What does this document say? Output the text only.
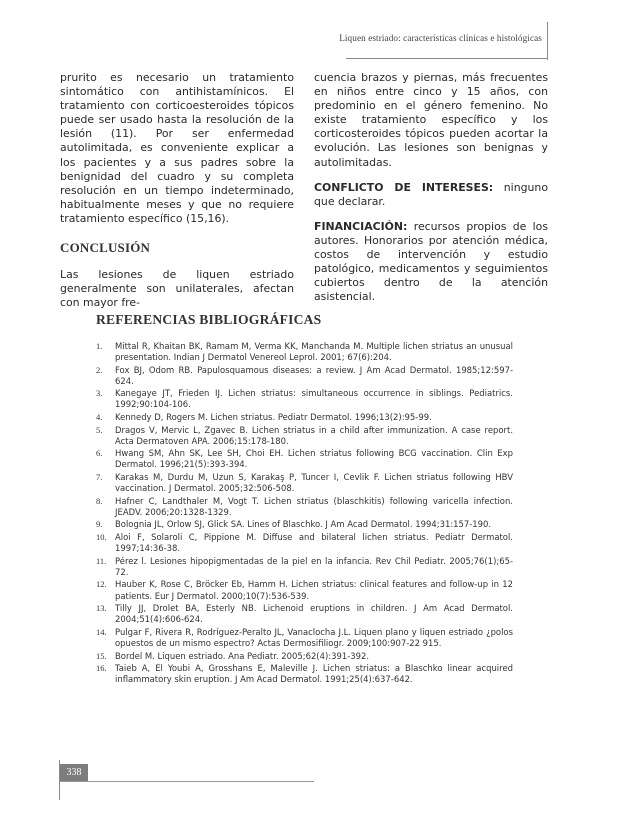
Liquen estriado: características clínicas e histológicas

prurito es necesario un tratamiento sintomático con antihistamínicos. El tratamiento con corticoesteroides tópicos puede ser usado hasta la resolución de la lesión (11). Por ser enfermedad autolimitada, es conveniente explicar a los pacientes y a sus padres sobre la benignidad del cuadro y su completa resolución en un tiempo indeterminado, habitualmente meses y que no requiere tratamiento específico (15,16).

CONCLUSIÓN

Las lesiones de liquen estriado generalmente son unilaterales, afectan con mayor fre-

cuencia brazos y piernas, más frecuentes en niños entre cinco y 15 años, con predominio en el género femenino. No existe tratamiento específico y los corticosteroides tópicos pueden acortar la evolución. Las lesiones son benignas y autolimitadas.

CONFLICTO DE INTERESES: ninguno que declarar.

FINANCIACIÓN: recursos propios de los autores. Honorarios por atención médica, costos de intervención y estudio patológico, medicamentos y seguimientos cubiertos dentro de la atención asistencial.

REFERENCIAS BIBLIOGRÁFICAS
1. Mittal R, Khaitan BK, Ramam M, Verma KK, Manchanda M. Multiple lichen striatus an unusual presentation. Indian J Dermatol Venereol Leprol. 2001; 67(6):204.
2. Fox BJ, Odom RB. Papulosquamous diseases: a review. J Am Acad Dermatol. 1985;12:597-624.
3. Kanegaye JT, Frieden IJ. Lichen striatus: simultaneous occurrence in siblings. Pediatrics. 1992;90:104-106.
4. Kennedy D, Rogers M. Lichen striatus. Pediatr Dermatol. 1996;13(2):95-99.
5. Dragos V, Mervic L, Zgavec B. Lichen striatus in a child after immunization. A case report. Acta Dermatoven APA. 2006;15:178-180.
6. Hwang SM, Ahn SK, Lee SH, Choi EH. Lichen striatus following BCG vaccination. Clin Exp Dermatol. 1996;21(5):393-394.
7. Karakas M, Durdu M, Uzun S, Karakaş P, Tuncer I, Cevlik F. Lichen striatus following HBV vaccination. J Dermatol. 2005;32:506-508.
8. Hafner C, Landthaler M, Vogt T. Lichen striatus (blaschkitis) following varicella infection. JEADV. 2006;20:1328-1329.
9. Bolognia JL, Orlow SJ, Glick SA. Lines of Blaschko. J Am Acad Dermatol. 1994;31:157-190.
10. Aloi F, Solaroli C, Pippione M. Diffuse and bilateral lichen striatus. Pediatr Dermatol. 1997;14:36-38.
11. Pérez l. Lesiones hipopigmentadas de la piel en la infancia. Rev Chil Pediatr. 2005;76(1);65-72.
12. Hauber K, Rose C, Bröcker Eb, Hamm H. Lichen striatus: clinical features and follow-up in 12 patients. Eur J Dermatol. 2000;10(7):536-539.
13. Tilly JJ, Drolet BA, Esterly NB. Lichenoid eruptions in children. J Am Acad Dermatol. 2004;51(4):606-624.
14. Pulgar F, Rivera R, Rodríguez-Peralto JL, Vanaclocha J.L. Liquen plano y liquen estriado ¿polos opuestos de un mismo espectro? Actas Dermosifiliogr. 2009;100:907-22 915.
15. Bordel M. Liquen estriado. Ana Pediatr. 2005;62(4):391-392.
16. Taieb A, El Youbi A, Grosshans E, Maleville J. Lichen striatus: a Blaschko linear acquired inflammatory skin eruption. J Am Acad Dermatol. 1991;25(4):637-642.
338
